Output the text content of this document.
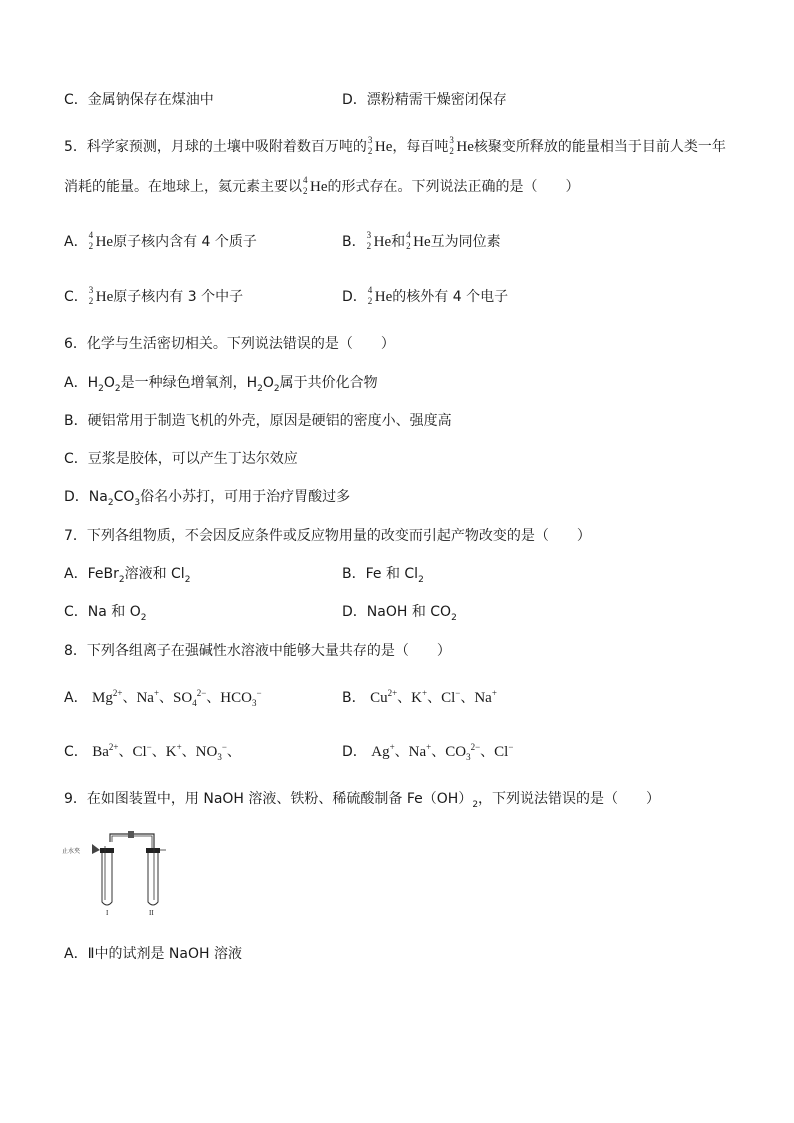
C．金属钠保存在煤油中	D．漂粉精需干燥密闭保存
5．科学家预测，月球的土壤中吸附着数百万吨的 3
2 He，每百吨 3
2 He核聚变所释放的能量相当于目前人类一年
消耗的能量。在地球上，氦元素主要以 4
2 He的形式存在。下列说法正确的是（　　）
A． 4
2 He原子核内含有 4 个质子	B． 3
2 He和 4
2 He互为同位素
C． 3
2 He原子核内有 3 个中子	D． 4
2 He的核外有 4 个电子
6．化学与生活密切相关。下列说法错误的是（　　）
A．$H_2O_2$是一种绿色增氧剂，$H_2O_2$属于共价化合物
B．硬铝常用于制造飞机的外壳，原因是硬铝的密度小、强度高
C．豆浆是胶体，可以产生丁达尔效应
D．$Na_2CO_3$俗名小苏打，可用于治疗胃酸过多
7．下列各组物质，不会因反应条件或反应物用量的改变而引起产物改变的是（　　）
A．FeBr$_2$溶液和 $Cl_2$	B．Fe 和 $Cl_2$
C．Na 和 $O_2$	D．NaOH 和 $CO_2$
8．下列各组离子在强碱性水溶液中能够大量共存的是（　　）
A． $Mg^{2+}$、Na+、$SO_4^{2-}$、$HCO_3^-$	B． $Cu^{2+}$、K+、Cl−、Na+
C． $Ba^{2+}$、Cl−、K+、$NO_3^-$、	D． Ag+、Na+、$CO_3^{2-}$、Cl−
9．在如图装置中，用 NaOH 溶液、铁粉、稀硫酸制备 $Fe(OH)_2$，下列说法错误的是（　　）
止水夹
I	II
A．Ⅱ中的试剂是 NaOH 溶液
